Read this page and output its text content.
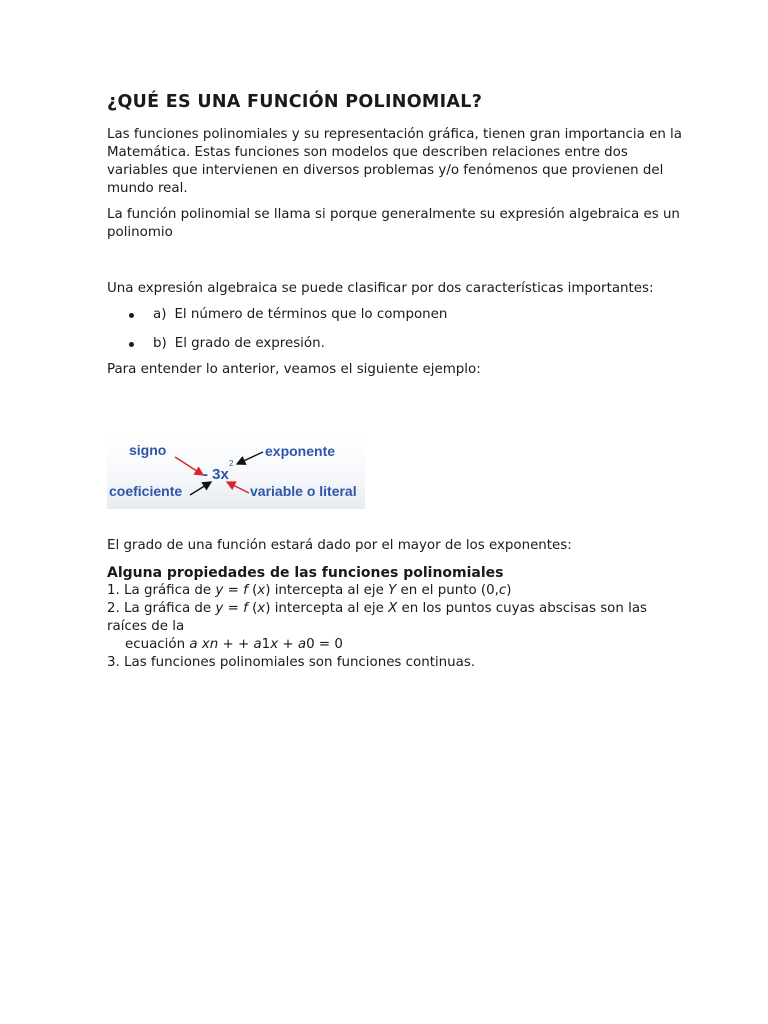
¿QUÉ ES UNA FUNCIÓN POLINOMIAL?

Las funciones polinomiales y su representación gráfica, tienen gran importancia en la Matemática. Estas funciones son modelos que describen relaciones entre dos variables que intervienen en diversos problemas y/o fenómenos que provienen del mundo real.

La función polinomial se llama si porque generalmente su expresión algebraica es un polinomio

Una expresión algebraica se puede clasificar por dos características importantes:

a) El número de términos que lo componen
b) El grado de expresión.

Para entender lo anterior, veamos el siguiente ejemplo:

signo	exponente
2
- 3x
coeficiente	variable o literal

El grado de una función estará dado por el mayor de los exponentes:

Alguna propiedades de las funciones polinomiales

1. La gráfica de y = f (x) intercepta al eje Y en el punto (0,c)

2. La gráfica de y = f (x) intercepta al eje X en los puntos cuyas abscisas son las raíces de la

ecuación a xn + + a1x + a0 = 0

3. Las funciones polinomiales son funciones continuas.
